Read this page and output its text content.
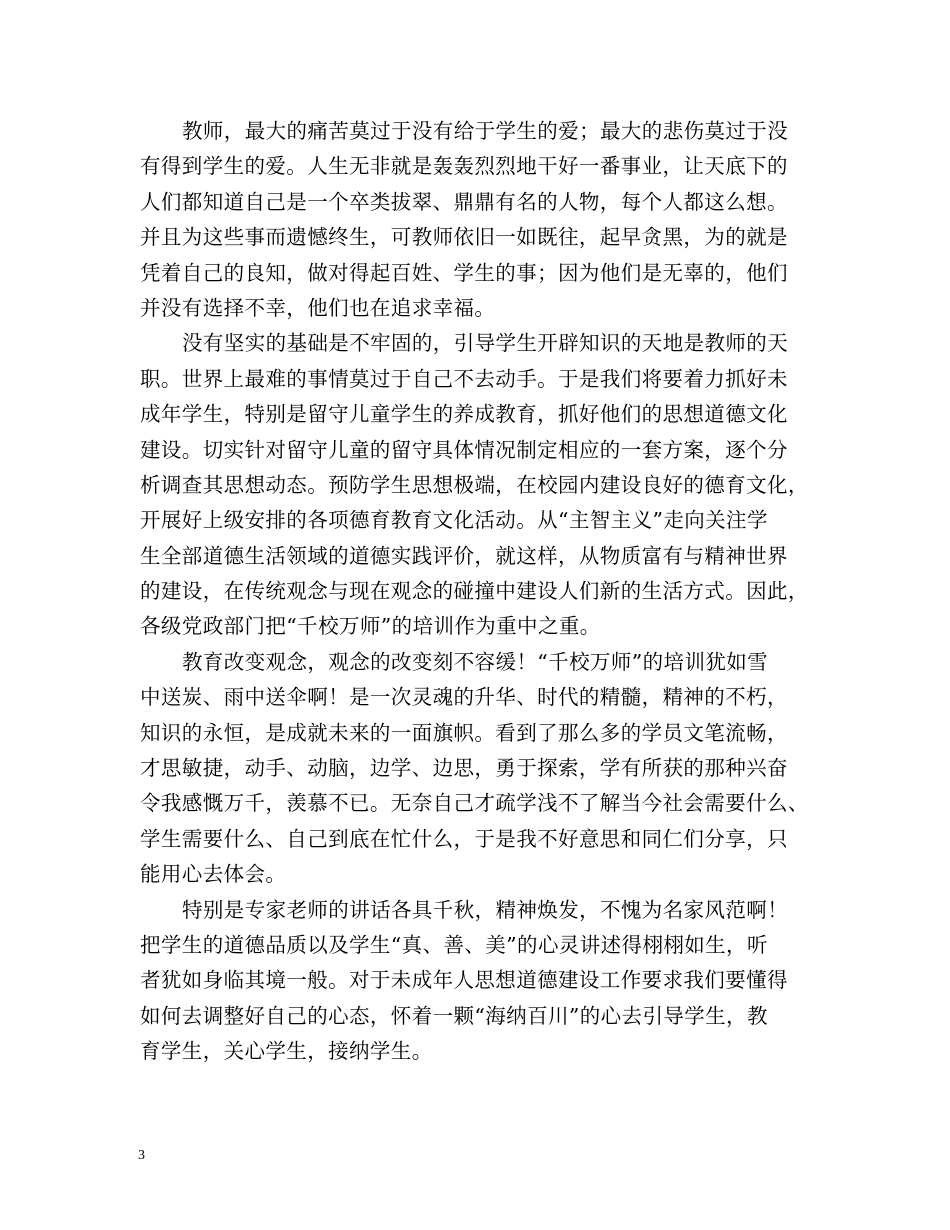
教师，最大的痛苦莫过于没有给于学生的爱；最大的悲伤莫过于没
有得到学生的爱。人生无非就是轰轰烈烈地干好一番事业，让天底下的
人们都知道自己是一个卒类拔翠、鼎鼎有名的人物，每个人都这么想。
并且为这些事而遗憾终生，可教师依旧一如既往，起早贪黑，为的就是
凭着自己的良知，做对得起百姓、学生的事；因为他们是无辜的，他们
并没有选择不幸，他们也在追求幸福。
没有坚实的基础是不牢固的，引导学生开辟知识的天地是教师的天
职。世界上最难的事情莫过于自己不去动手。于是我们将要着力抓好未
成年学生，特别是留守儿童学生的养成教育，抓好他们的思想道德文化
建设。切实针对留守儿童的留守具体情况制定相应的一套方案，逐个分
析调查其思想动态。预防学生思想极端，在校园内建设良好的德育文化，
开展好上级安排的各项德育教育文化活动。从“主智主义”走向关注学
生全部道德生活领域的道德实践评价，就这样，从物质富有与精神世界
的建设，在传统观念与现在观念的碰撞中建设人们新的生活方式。因此，
各级党政部门把“千校万师”的培训作为重中之重。
教育改变观念，观念的改变刻不容缓！“千校万师”的培训犹如雪
中送炭、雨中送伞啊！是一次灵魂的升华、时代的精髓，精神的不朽，
知识的永恒，是成就未来的一面旗帜。看到了那么多的学员文笔流畅，
才思敏捷，动手、动脑，边学、边思，勇于探索，学有所获的那种兴奋
令我感慨万千，羡慕不已。无奈自己才疏学浅不了解当今社会需要什么、
学生需要什么、自己到底在忙什么，于是我不好意思和同仁们分享，只
能用心去体会。
特别是专家老师的讲话各具千秋，精神焕发，不愧为名家风范啊！
把学生的道德品质以及学生“真、善、美”的心灵讲述得栩栩如生，听
者犹如身临其境一般。对于未成年人思想道德建设工作要求我们要懂得
如何去调整好自己的心态，怀着一颗“海纳百川”的心去引导学生，教
育学生，关心学生，接纳学生。
3
